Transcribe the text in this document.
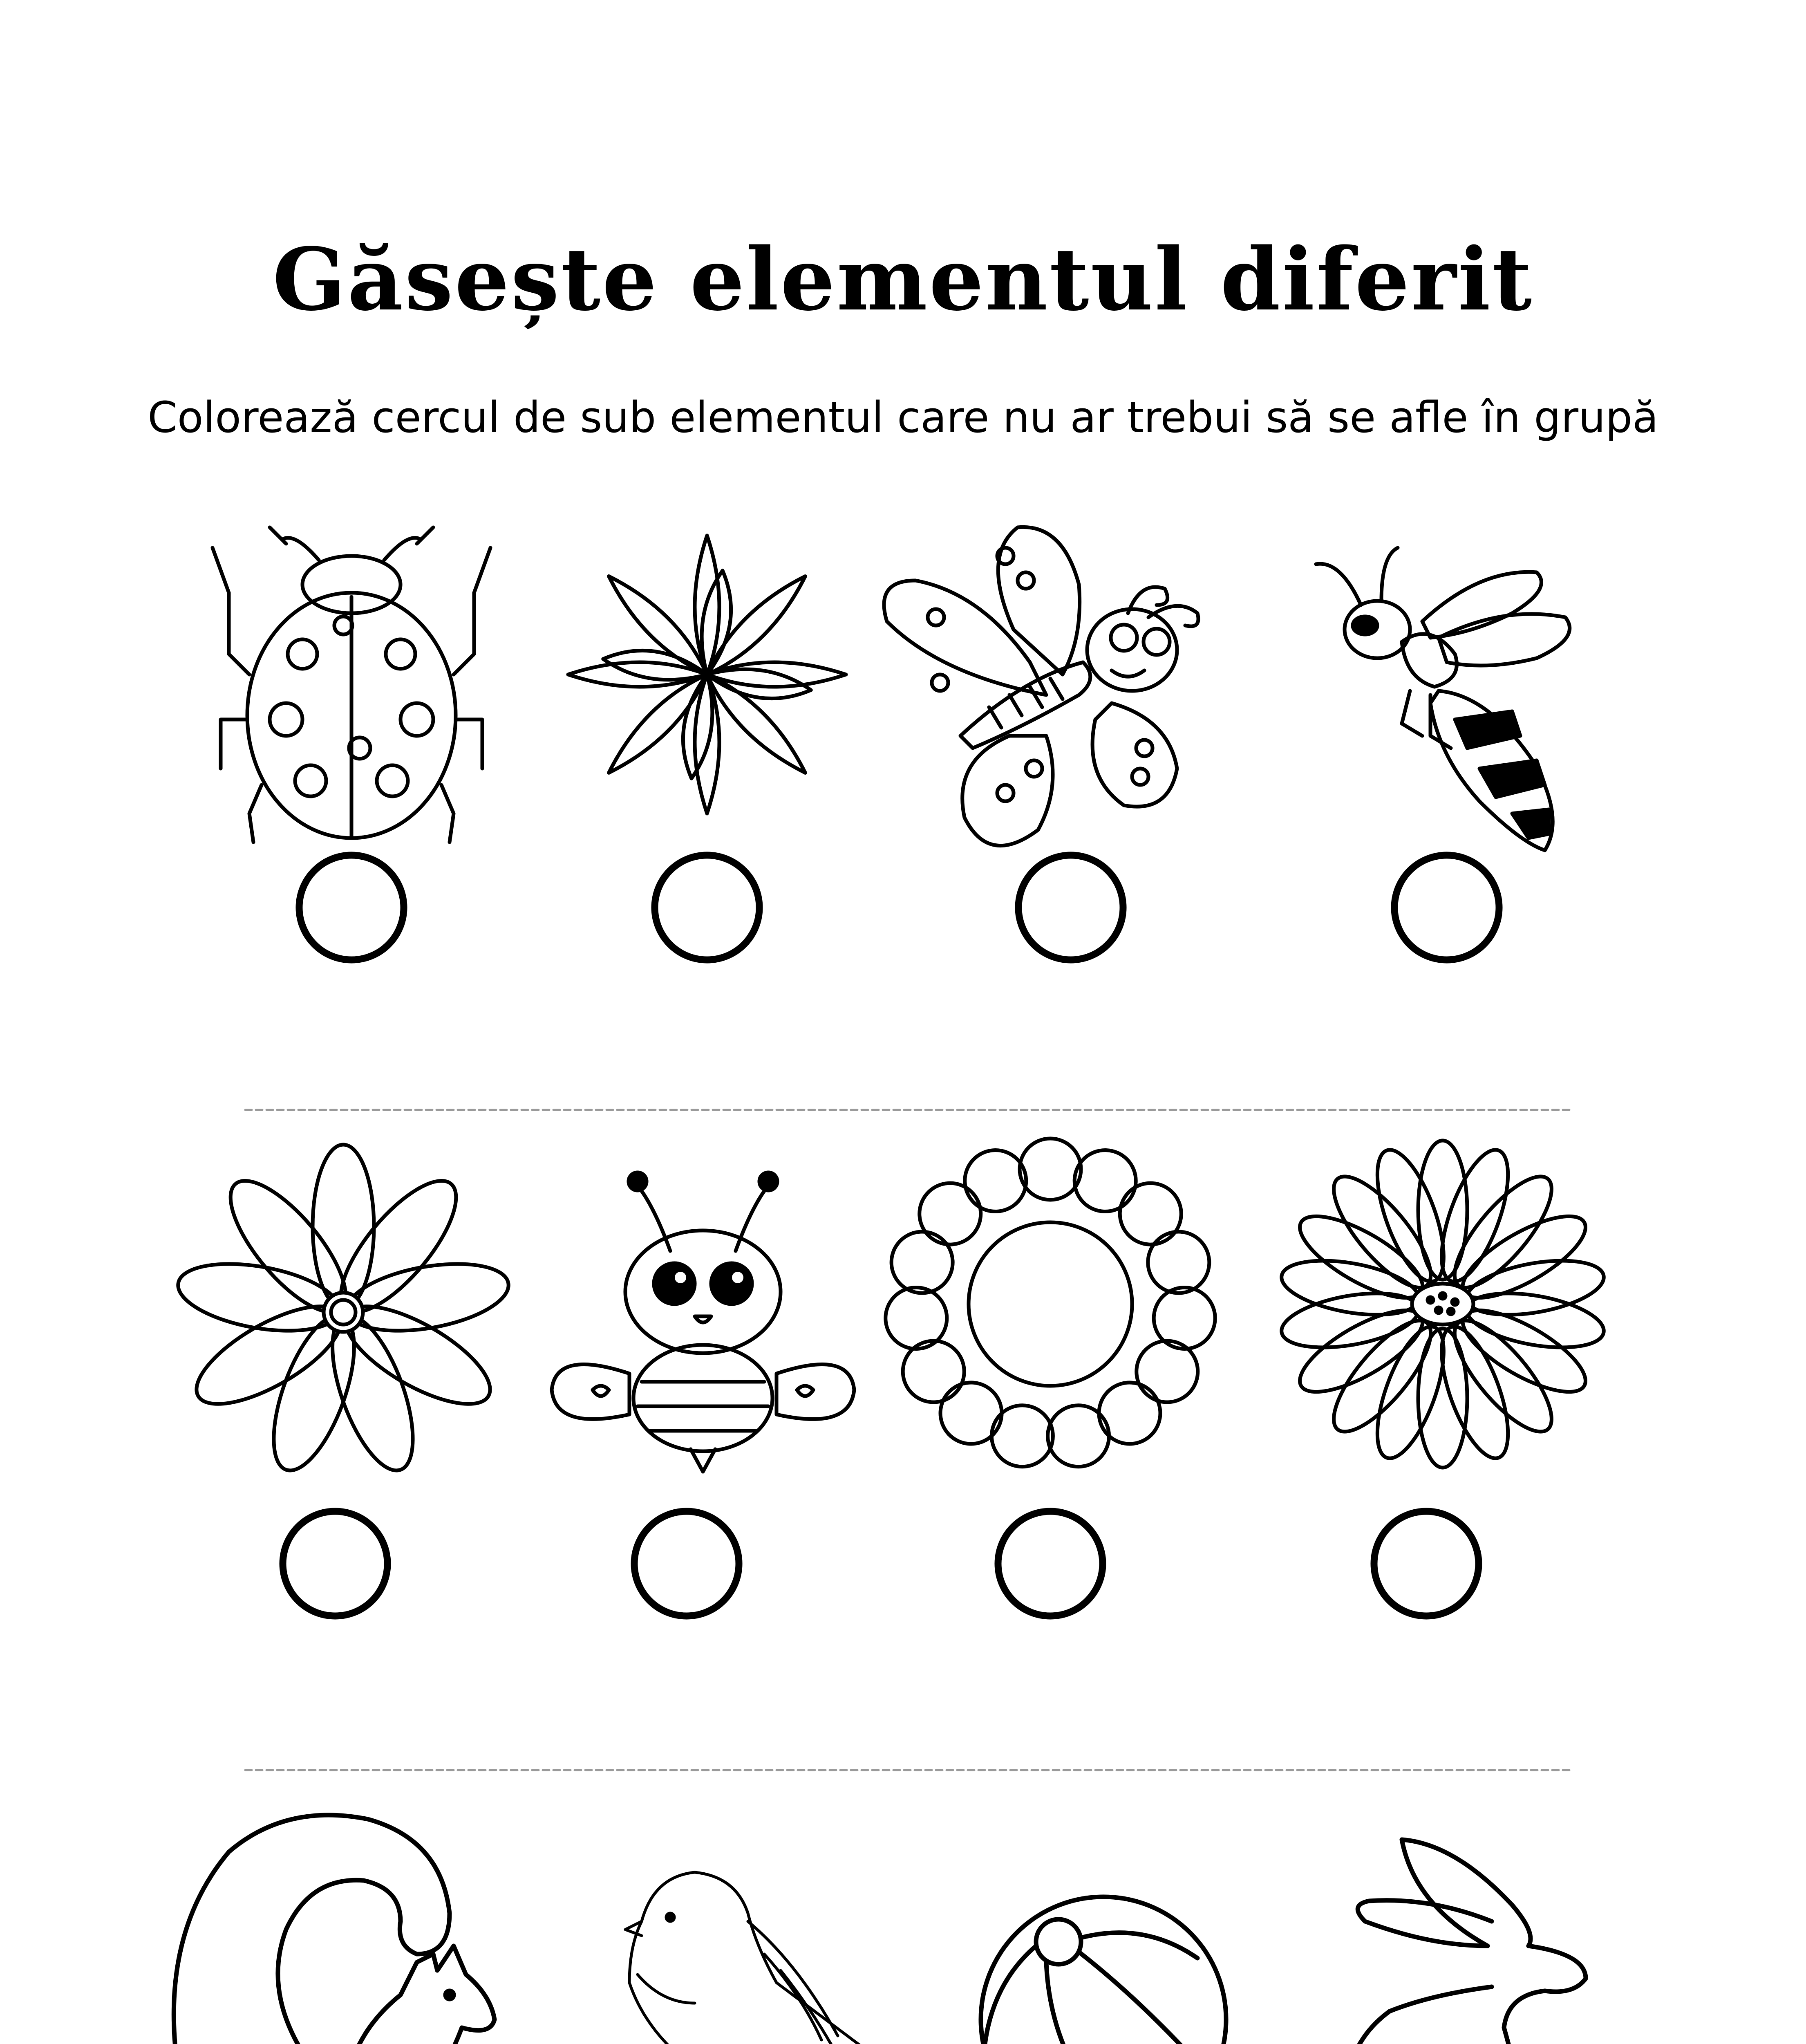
Găsește elementul diferit

Colorează cercul de sub elementul care nu ar trebui să se afle în grupă
